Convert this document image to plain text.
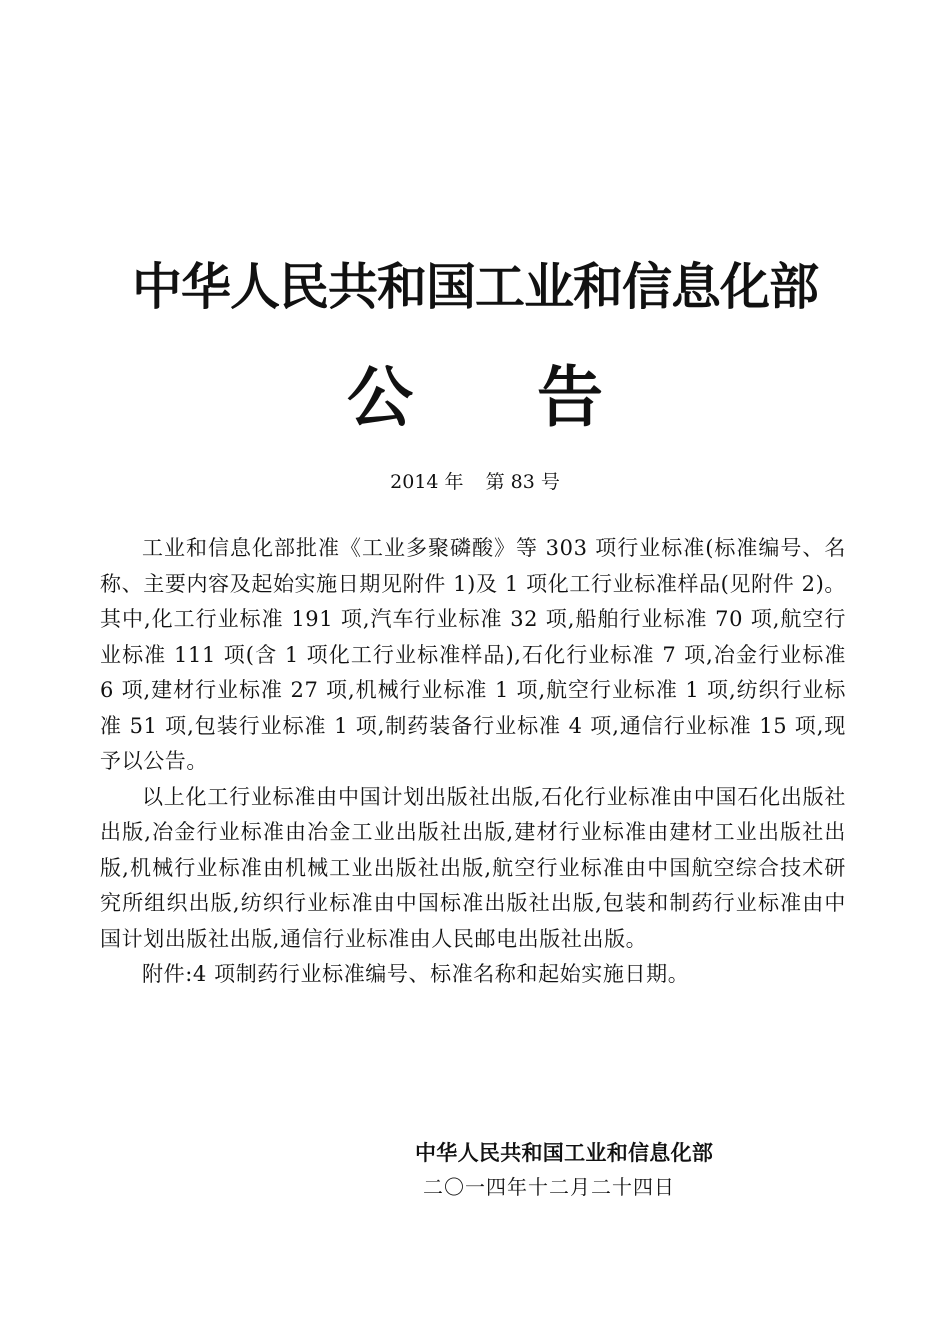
中华人民共和国工业和信息化部
公 告
2014 年 第 83 号

工业和信息化部批准《工业多聚磷酸》等 303 项行业标准(标准编号、名称、主要内容及起始实施日期见附件 1)及 1 项化工行业标准样品(见附件 2)。其中,化工行业标准 191 项,汽车行业标准 32 项,船舶行业标准 70 项,航空行业标准 111 项(含 1 项化工行业标准样品),石化行业标准 7 项,冶金行业标准 6 项,建材行业标准 27 项,机械行业标准 1 项,航空行业标准 1 项,纺织行业标准 51 项,包装行业标准 1 项,制药装备行业标准 4 项,通信行业标准 15 项,现予以公告。

以上化工行业标准由中国计划出版社出版,石化行业标准由中国石化出版社出版,冶金行业标准由冶金工业出版社出版,建材行业标准由建材工业出版社出版,机械行业标准由机械工业出版社出版,航空行业标准由中国航空综合技术研究所组织出版,纺织行业标准由中国标准出版社出版,包装和制药行业标准由中国计划出版社出版,通信行业标准由人民邮电出版社出版。

附件:4 项制药行业标准编号、标准名称和起始实施日期。

中华人民共和国工业和信息化部
二〇一四年十二月二十四日
